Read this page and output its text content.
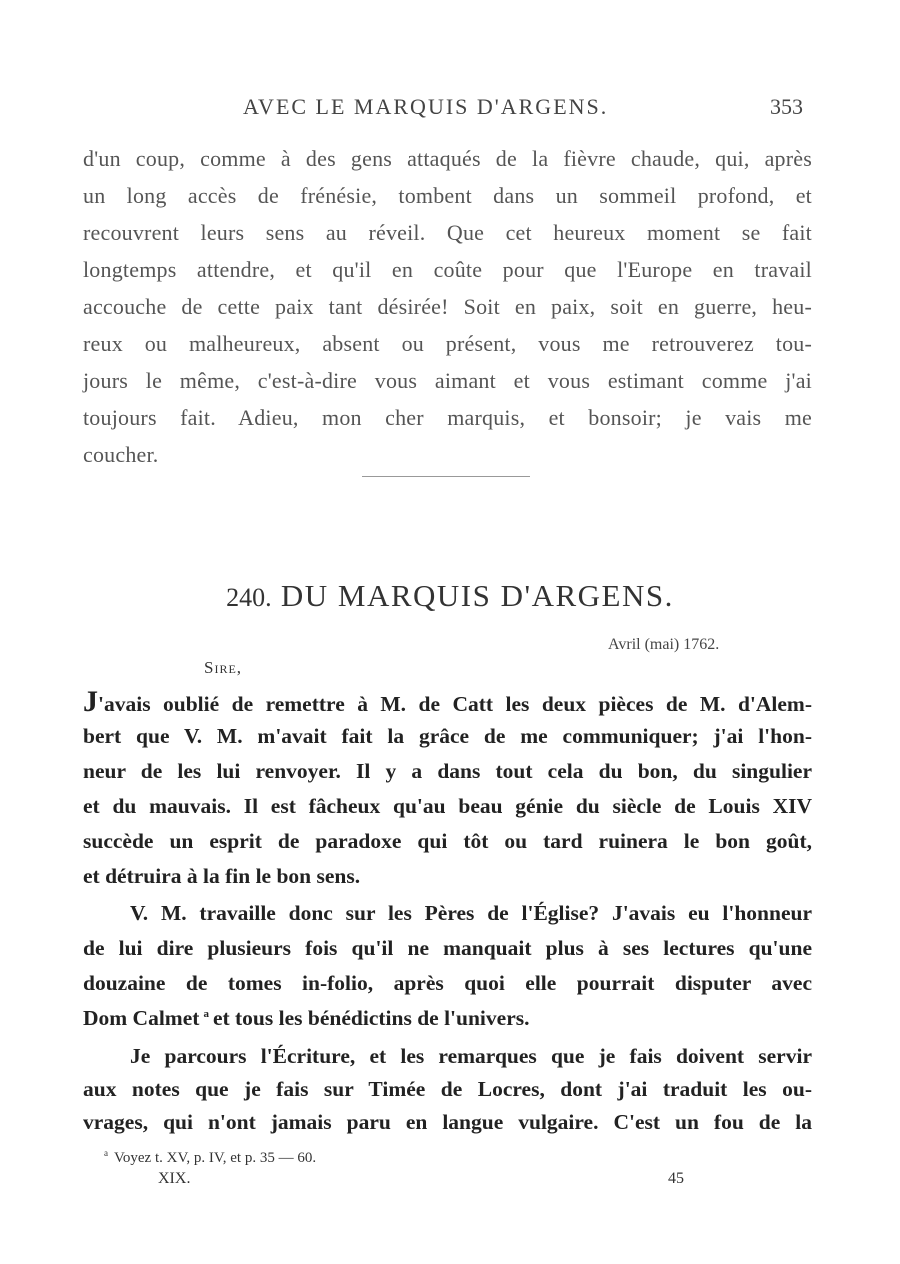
AVEC LE MARQUIS D'ARGENS.	353
d'un coup, comme à des gens attaqués de la fièvre chaude, qui, après
un long accès de frénésie, tombent dans un sommeil profond, et
recouvrent leurs sens au réveil. Que cet heureux moment se fait
longtemps attendre, et qu'il en coûte pour que l'Europe en travail
accouche de cette paix tant désirée! Soit en paix, soit en guerre, heu-
reux ou malheureux, absent ou présent, vous me retrouverez tou-
jours le même, c'est-à-dire vous aimant et vous estimant comme j'ai
toujours fait. Adieu, mon cher marquis, et bonsoir; je vais me
coucher.
240. DU MARQUIS D'ARGENS.
Avril (mai) 1762.
Sire,
J'avais oublié de remettre à M. de Catt les deux pièces de M. d'Alem-
bert que V. M. m'avait fait la grâce de me communiquer; j'ai l'hon-
neur de les lui renvoyer. Il y a dans tout cela du bon, du singulier
et du mauvais. Il est fâcheux qu'au beau génie du siècle de Louis XIV
succède un esprit de paradoxe qui tôt ou tard ruinera le bon goût,
et détruira à la fin le bon sens.
V. M. travaille donc sur les Pères de l'Église? J'avais eu l'honneur
de lui dire plusieurs fois qu'il ne manquait plus à ses lectures qu'une
douzaine de tomes in-folio, après quoi elle pourrait disputer avec
Dom Calmet $^a$ et tous les bénédictins de l'univers.
Je parcours l'Écriture, et les remarques que je fais doivent servir
aux notes que je fais sur Timée de Locres, dont j'ai traduit les ou-
vrages, qui n'ont jamais paru en langue vulgaire. C'est un fou de la
$^a$ Voyez t. XV, p. IV, et p. 35 — 60.
XIX.	45
